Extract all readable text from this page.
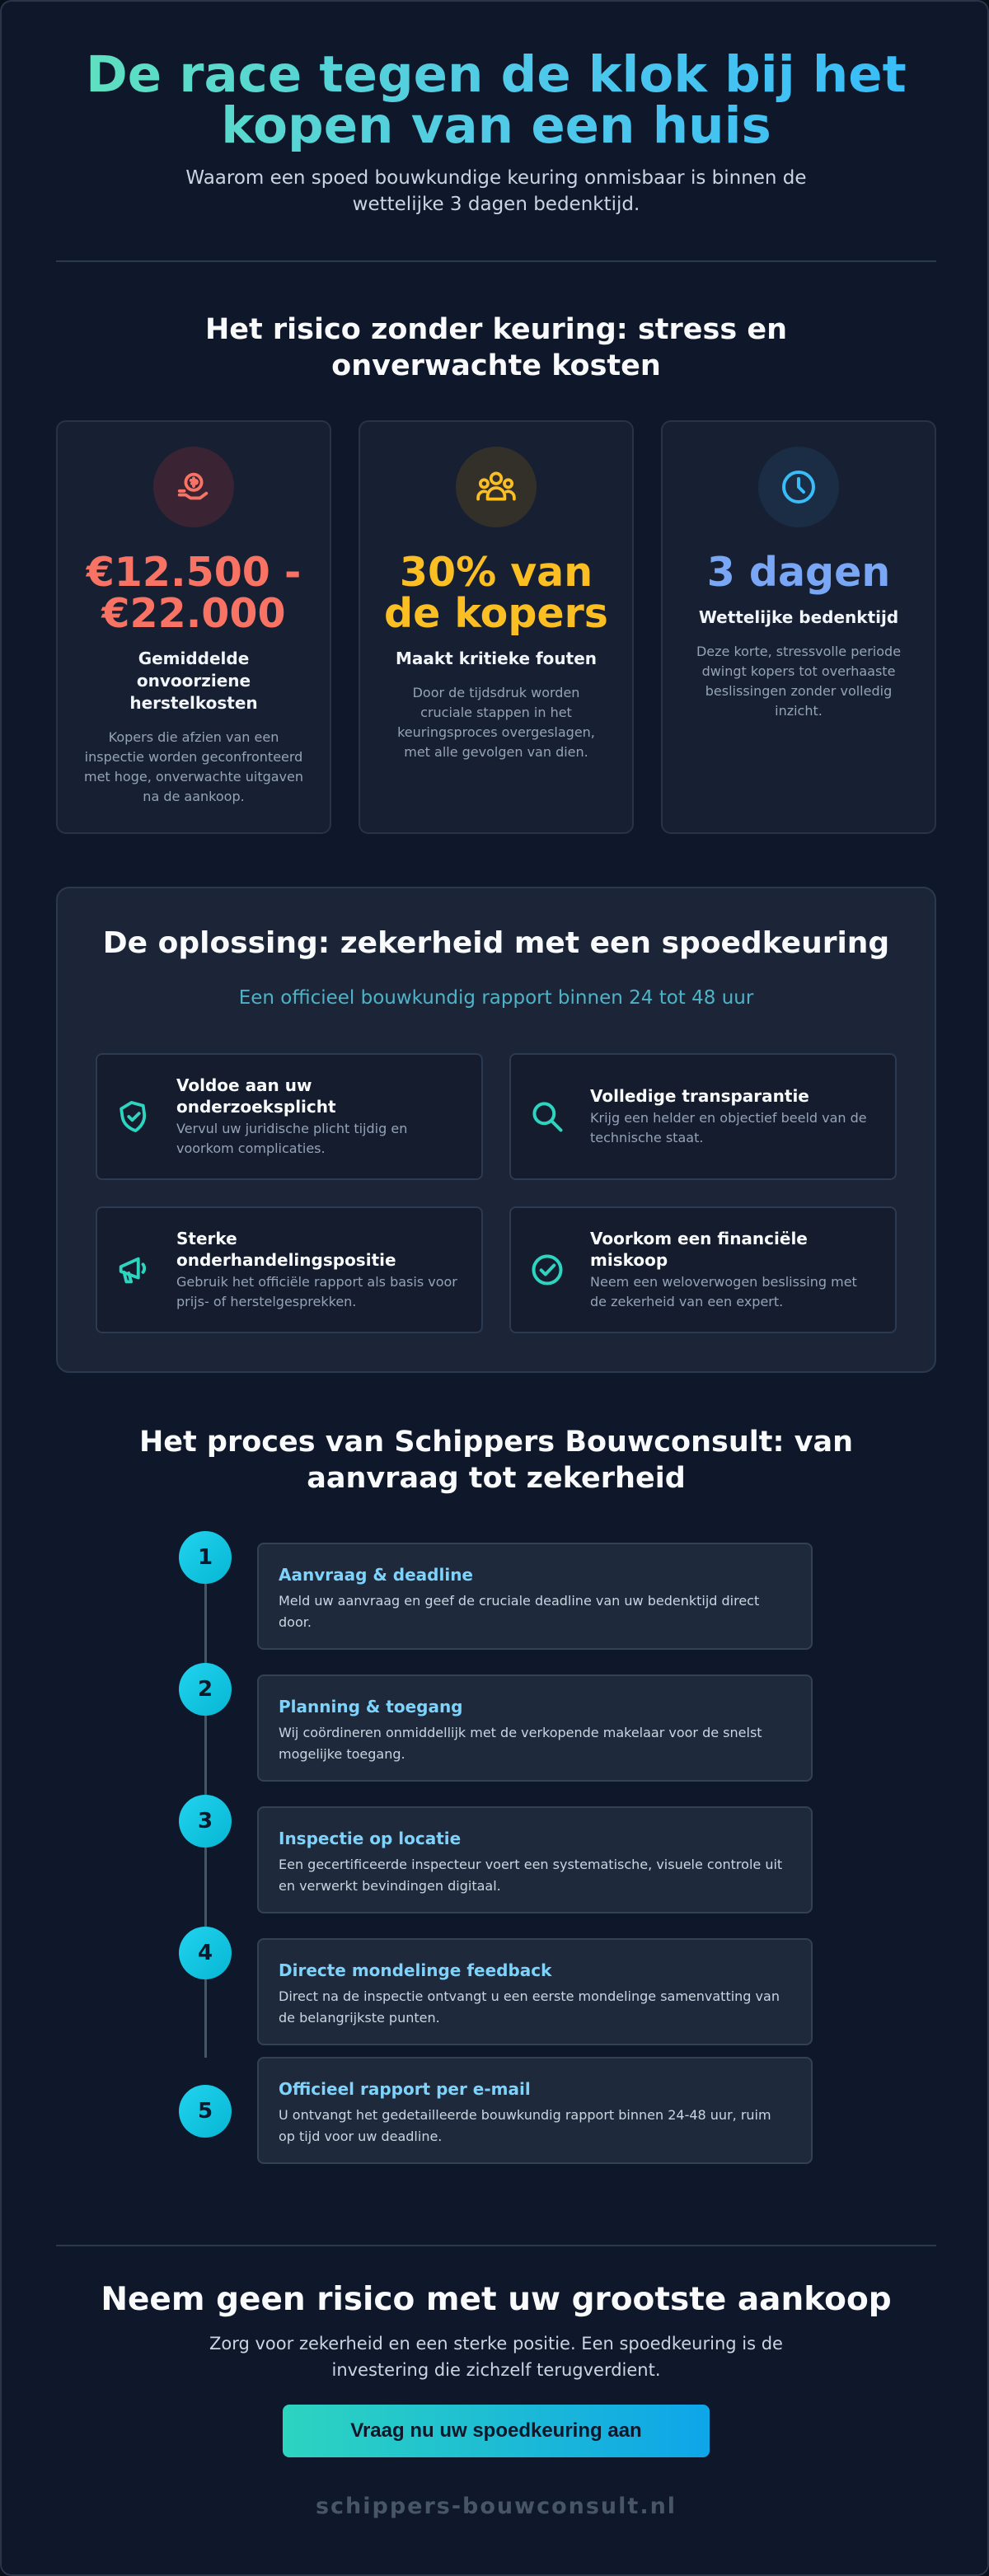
De race tegen de klok bij het kopen van een huis

Waarom een spoed bouwkundige keuring onmisbaar is binnen de wettelijke 3 dagen bedenktijd.

Het risico zonder keuring: stress en onverwachte kosten
€12.500 - €22.000
Gemiddelde onvoorziene herstelkosten
Kopers die afzien van een inspectie worden geconfronteerd met hoge, onverwachte uitgaven na de aankoop.
30% van de kopers
Maakt kritieke fouten
Door de tijdsdruk worden cruciale stappen in het keuringsproces overgeslagen, met alle gevolgen van dien.
3 dagen
Wettelijke bedenktijd
Deze korte, stressvolle periode dwingt kopers tot overhaaste beslissingen zonder volledig inzicht.
De oplossing: zekerheid met een spoedkeuring
Een officieel bouwkundig rapport binnen 24 tot 48 uur
Voldoe aan uw onderzoeksplicht
Vervul uw juridische plicht tijdig en voorkom complicaties.
Volledige transparantie
Krijg een helder en objectief beeld van de technische staat.
Sterke onderhandelingspositie
Gebruik het officiële rapport als basis voor prijs- of herstelgesprekken.
Voorkom een financiële miskoop
Neem een weloverwogen beslissing met de zekerheid van een expert.
Het proces van Schippers Bouwconsult: van aanvraag tot zekerheid
1
Aanvraag & deadline
Meld uw aanvraag en geef de cruciale deadline van uw bedenktijd direct door.
2
Planning & toegang
Wij coördineren onmiddellijk met de verkopende makelaar voor de snelst mogelijke toegang.
3
Inspectie op locatie
Een gecertificeerde inspecteur voert een systematische, visuele controle uit en verwerkt bevindingen digitaal.
4
Directe mondelinge feedback
Direct na de inspectie ontvangt u een eerste mondelinge samenvatting van de belangrijkste punten.
5
Officieel rapport per e-mail
U ontvangt het gedetailleerde bouwkundig rapport binnen 24-48 uur, ruim op tijd voor uw deadline.
Neem geen risico met uw grootste aankoop
Zorg voor zekerheid en een sterke positie. Een spoedkeuring is de investering die zichzelf terugverdient.
Vraag nu uw spoedkeuring aan
schippers-bouwconsult.nl
